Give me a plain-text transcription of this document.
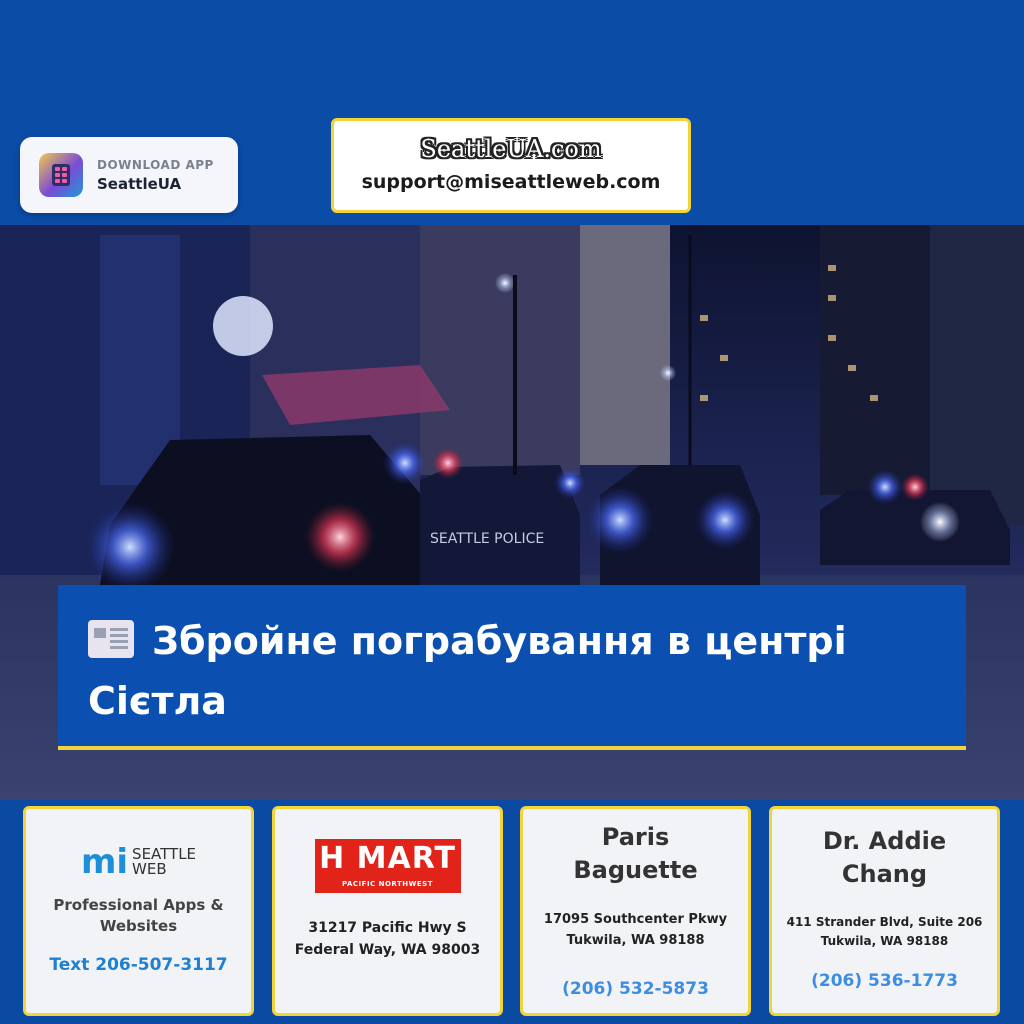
DOWNLOAD APP
SeattleUA
SeattleUA.com
support@miseattleweb.com
SEATTLE POLICE

Збройне пограбування в центрі Сієтла

mi SEATTLE
WEB
Professional Apps & Websites
Text 206-507-3117
H MART
PACIFIC NORTHWEST
31217 Pacific Hwy S
Federal Way, WA 98003
Paris
Baguette
17095 Southcenter Pkwy
Tukwila, WA 98188
(206) 532-5873
Dr. Addie
Chang
411 Strander Blvd, Suite 206
Tukwila, WA 98188
(206) 536-1773
